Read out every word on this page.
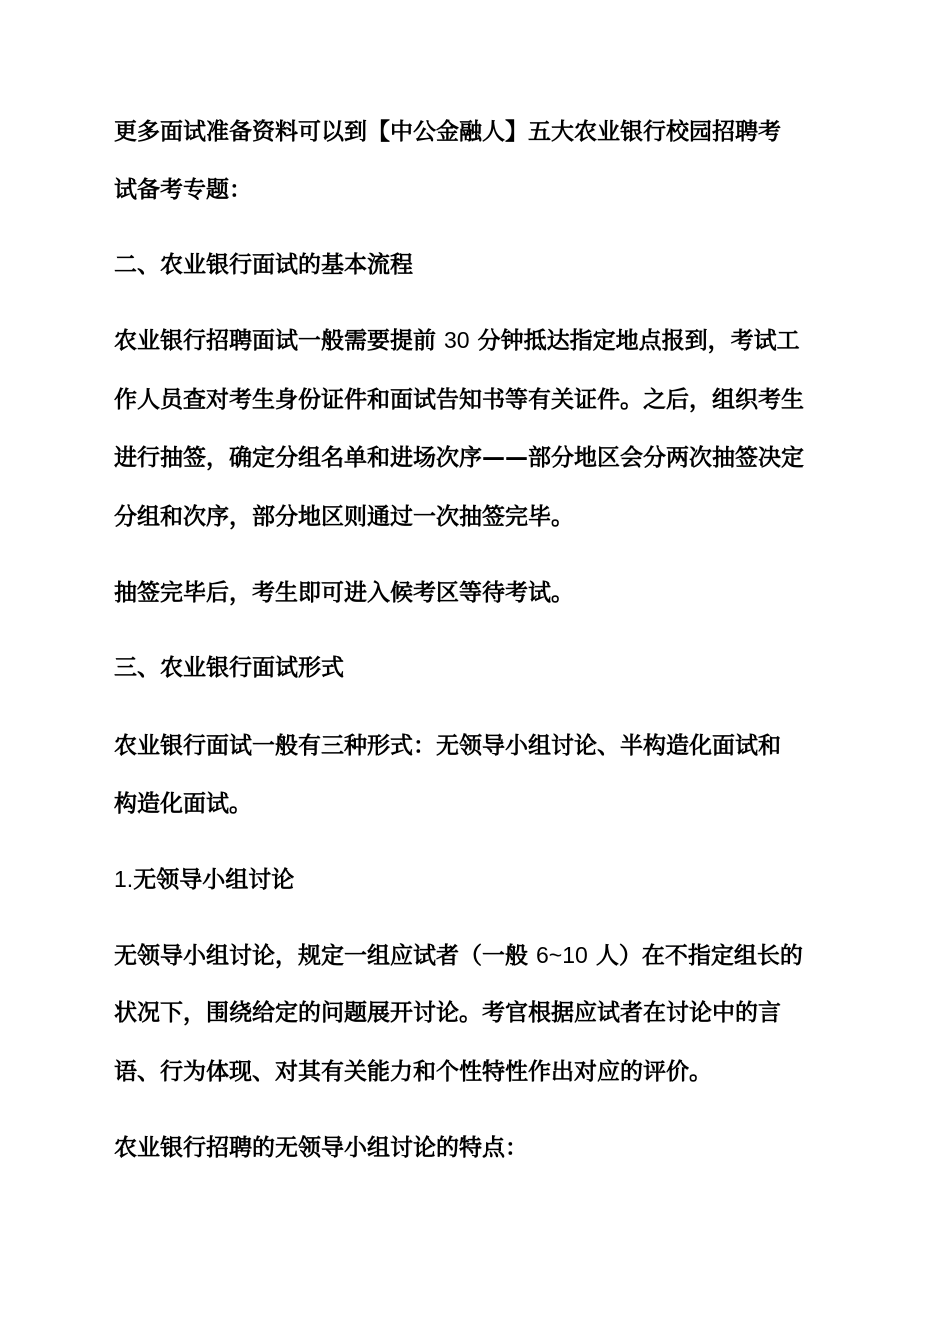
更多面试准备资料可以到【中公金融人】五大农业银行校园招聘考
试备考专题：
二、农业银行面试的基本流程
农业银行招聘面试一般需要提前 30 分钟抵达指定地点报到，考试工
作人员查对考生身份证件和面试告知书等有关证件。之后，组织考生
进行抽签，确定分组名单和进场次序——部分地区会分两次抽签决定
分组和次序，部分地区则通过一次抽签完毕。
抽签完毕后，考生即可进入候考区等待考试。
三、农业银行面试形式
农业银行面试一般有三种形式：无领导小组讨论、半构造化面试和
构造化面试。
1.无领导小组讨论
无领导小组讨论，规定一组应试者（一般 6~10 人）在不指定组长的
状况下，围绕给定的问题展开讨论。考官根据应试者在讨论中的言
语、行为体现、对其有关能力和个性特性作出对应的评价。
农业银行招聘的无领导小组讨论的特点：
